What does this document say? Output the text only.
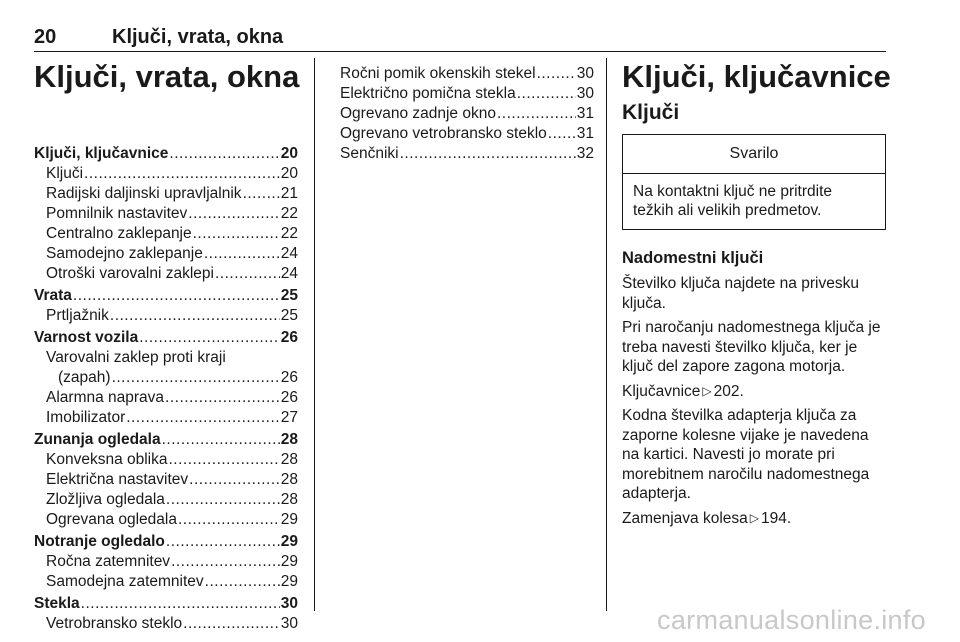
20	Ključi, vrata, okna
Ključi, vrata, okna
Ključi, ključavnice .....	20
Ključi .....	20
Radijski daljinski upravljalnik .....	21
Pomnilnik nastavitev .....	22
Centralno zaklepanje .....	22
Samodejno zaklepanje .....	24
Otroški varovalni zaklepi .....	24
Vrata .....	25
Prtljažnik .....	25
Varnost vozila .....	26
Varovalni zaklep proti kraji
(zapah) .....	26
Alarmna naprava .....	26
Imobilizator .....	27
Zunanja ogledala .....	28
Konveksna oblika .....	28
Električna nastavitev .....	28
Zložljiva ogledala .....	28
Ogrevana ogledala .....	29
Notranje ogledalo .....	29
Ročna zatemnitev .....	29
Samodejna zatemnitev .....	29
Stekla .....	30
Vetrobransko steklo .....	30
Ročni pomik okenskih stekel .....	30
Električno pomična stekla .....	30
Ogrevano zadnje okno .....	31
Ogrevano vetrobransko steklo ..... 31
Senčniki .....	32
Ključi, ključavnice
Ključi
Svarilo
Na kontaktni ključ ne pritrdite težkih ali velikih predmetov.
Nadomestni ključi

Številko ključa najdete na privesku ključa.

Pri naročanju nadomestnega ključa je treba navesti številko ključa, ker je ključ del zapore zagona motorja.

Ključavnice ▷ 202.

Kodna številka adapterja ključa za zaporne kolesne vijake je navedena na kartici. Navesti jo morate pri morebitnem naročilu nadomestnega adapterja.

Zamenjava kolesa ▷ 194.

carmanualsonline.info
